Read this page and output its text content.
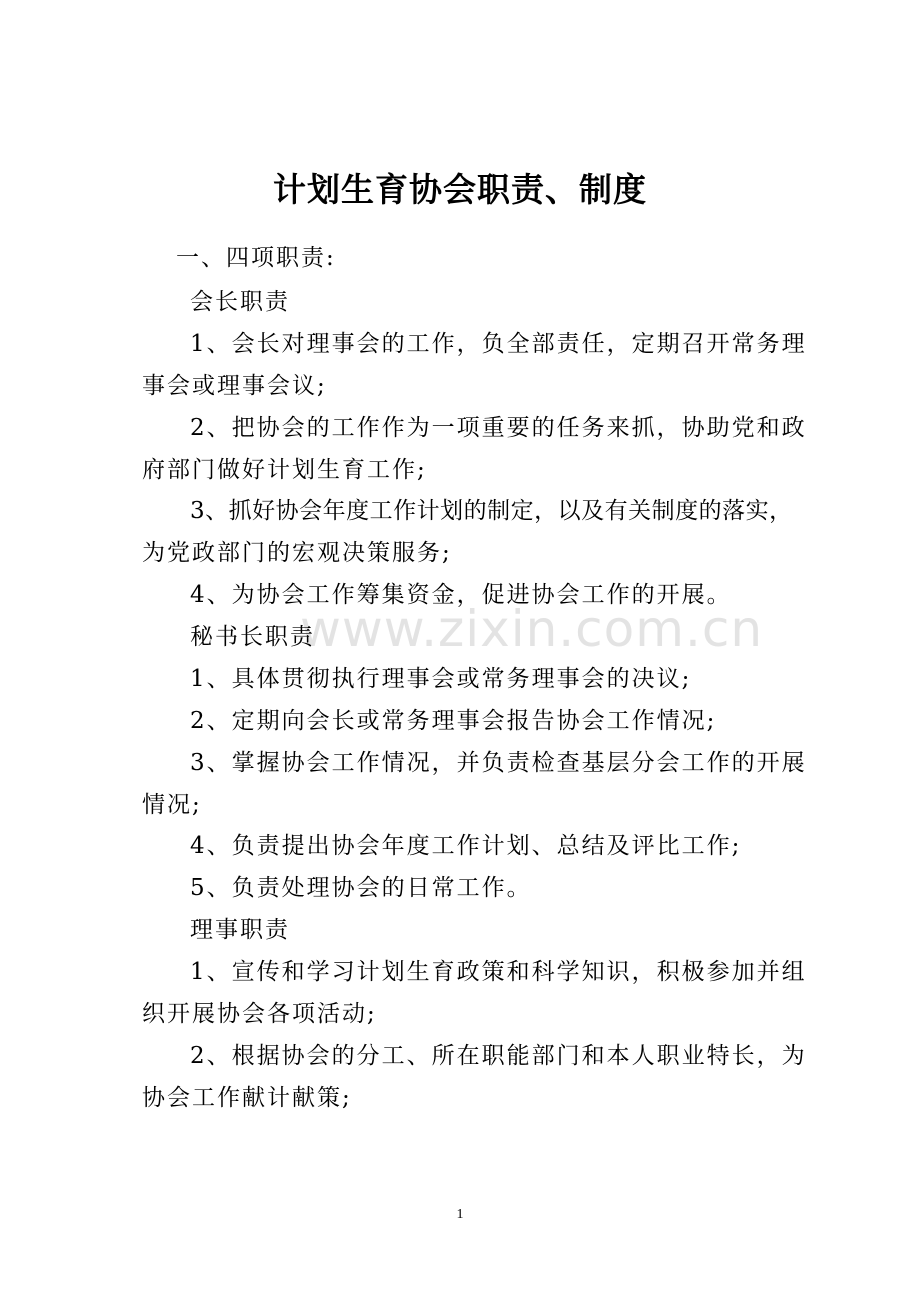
www.zixin.com.cn
计划生育协会职责、制度
一、四项职责:
会长职责
1、会长对理事会的工作，负全部责任，定期召开常务理
事会或理事会议;
2、把协会的工作作为一项重要的任务来抓，协助党和政
府部门做好计划生育工作;
3、抓好协会年度工作计划的制定，以及有关制度的落实，
为党政部门的宏观决策服务;
4、为协会工作筹集资金，促进协会工作的开展。
秘书长职责
1、具体贯彻执行理事会或常务理事会的决议;
2、定期向会长或常务理事会报告协会工作情况;
3、掌握协会工作情况，并负责检查基层分会工作的开展
情况;
4、负责提出协会年度工作计划、总结及评比工作;
5、负责处理协会的日常工作。
理事职责
1、宣传和学习计划生育政策和科学知识，积极参加并组
织开展协会各项活动;
2、根据协会的分工、所在职能部门和本人职业特长，为
协会工作献计献策;
1
